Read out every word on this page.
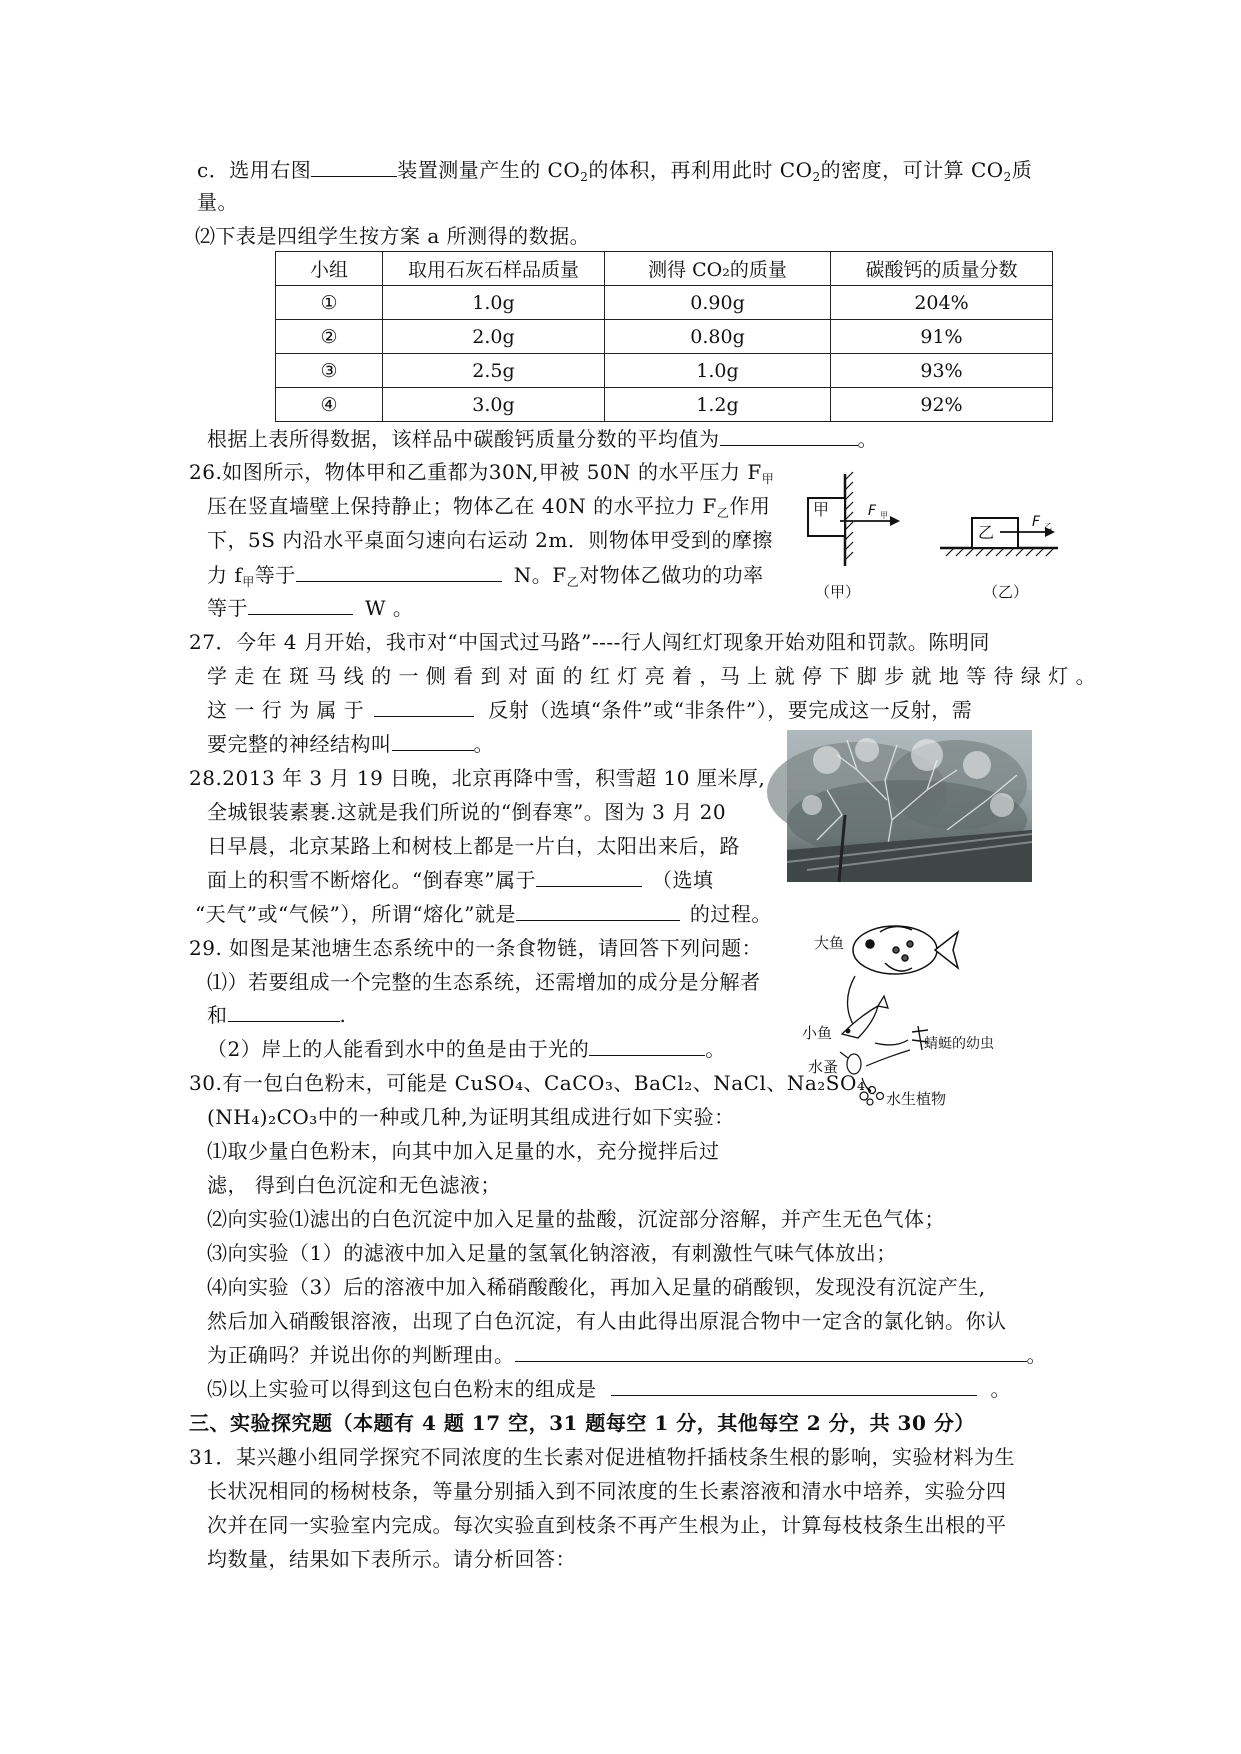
c．选用右图	装置测量产生的 $CO_2$的体积，再利用此时 $CO_2$的密度，可计算 $CO_2$质
量。
⑵下表是四组学生按方案 a 所测得的数据。
小组	取用石灰石样品质量	测得 CO₂的质量	碳酸钙的质量分数
①	1.0g	0.90g	204%
②	2.0g	0.80g	91%
③	2.5g	1.0g	93%
④	3.0g	1.2g	92%
根据上表所得数据，该样品中碳酸钙质量分数的平均值为	。
26.如图所示，物体甲和乙重都为30N,甲被 50N 的水平压力 $F_甲$
压在竖直墙壁上保持静止；物体乙在 40N 的水平拉力 $F_乙$作用
下，5S 内沿水平桌面匀速向右运动 2m．则物体甲受到的摩擦
力 $f_甲$等于	N。$F_乙$对物体乙做功的功率
等于	W 。
甲	F 甲
（甲）
乙
F 乙
（乙）
27．今年 4 月开始，我市对“中国式过马路”----行人闯红灯现象开始劝阻和罚款。陈明同
学 走 在 斑 马 线 的 一 侧 看 到 对 面 的 红 灯 亮 着 ，马 上 就 停 下 脚 步 就 地 等 待 绿 灯 。
这 一 行 为 属 于	反射（选填“条件”或“非条件”），要完成这一反射，需
要完整的神经结构叫	。
28.2013 年 3 月 19 日晚，北京再降中雪，积雪超 10 厘米厚,
全城银装素裹.这就是我们所说的“倒春寒”。图为 3 月 20
日早晨，北京某路上和树枝上都是一片白，太阳出来后，路
面上的积雪不断熔化。“倒春寒”属于	（选填
“天气”或“气候”），所谓“熔化”就是	的过程。
29. 如图是某池塘生态系统中的一条食物链，请回答下列问题：
⑴）若要组成一个完整的生态系统，还需增加的成分是分解者
和	.
（2）岸上的人能看到水中的鱼是由于光的	。
大鱼
小鱼
蜻蜓的幼虫
水蚤
水生植物
30.有一包白色粉末，可能是 CuSO₄、CaCO₃、BaCl₂、NaCl、Na₂SO₄、
(NH₄)₂CO₃中的一种或几种,为证明其组成进行如下实验：
⑴取少量白色粉末，向其中加入足量的水，充分搅拌后过
滤， 得到白色沉淀和无色滤液；
⑵向实验⑴滤出的白色沉淀中加入足量的盐酸，沉淀部分溶解，并产生无色气体；
⑶向实验（1）的滤液中加入足量的氢氧化钠溶液，有刺激性气味气体放出；
⑷向实验（3）后的溶液中加入稀硝酸酸化，再加入足量的硝酸钡，发现没有沉淀产生,
然后加入硝酸银溶液，出现了白色沉淀，有人由此得出原混合物中一定含的氯化钠。你认
为正确吗？并说出你的判断理由。	。
⑸以上实验可以得到这包白色粉末的组成是	。
三、实验探究题（本题有 4 题 17 空，31 题每空 1 分，其他每空 2 分，共 30 分）
31．某兴趣小组同学探究不同浓度的生长素对促进植物扦插枝条生根的影响，实验材料为生
长状况相同的杨树枝条，等量分别插入到不同浓度的生长素溶液和清水中培养，实验分四
次并在同一实验室内完成。每次实验直到枝条不再产生根为止，计算每枝枝条生出根的平
均数量，结果如下表所示。请分析回答：
